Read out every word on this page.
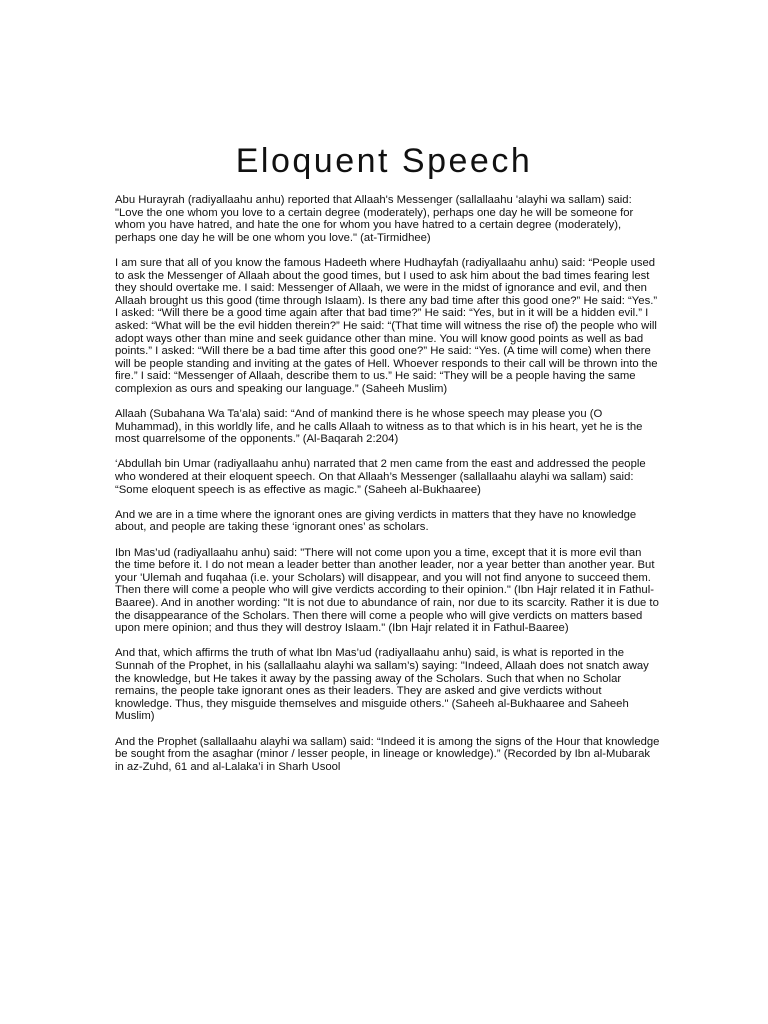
Eloquent Speech

Abu Hurayrah (radiyallaahu anhu) reported that Allaah's Messenger (sallallaahu 'alayhi wa sallam) said: "Love the one whom you love to a certain degree (moderately), perhaps one day he will be someone for whom you have hatred, and hate the one for whom you have hatred to a certain degree (moderately), perhaps one day he will be one whom you love." (at-Tirmidhee)

I am sure that all of you know the famous Hadeeth where Hudhayfah (radiyallaahu anhu) said: “People used to ask the Messenger of Allaah about the good times, but I used to ask him about the bad times fearing lest they should overtake me. I said: Messenger of Allaah, we were in the midst of ignorance and evil, and then Allaah brought us this good (time through Islaam). Is there any bad time after this good one?” He said: “Yes.” I asked: “Will there be a good time again after that bad time?” He said: “Yes, but in it will be a hidden evil.” I asked: “What will be the evil hidden therein?” He said: “(That time will witness the rise of) the people who will adopt ways other than mine and seek guidance other than mine. You will know good points as well as bad points.” I asked: “Will there be a bad time after this good one?” He said: “Yes. (A time will come) when there will be people standing and inviting at the gates of Hell. Whoever responds to their call will be thrown into the fire.” I said: “Messenger of Allaah, describe them to us.” He said: “They will be a people having the same complexion as ours and speaking our language.” (Saheeh Muslim)

Allaah (Subahana Wa Ta’ala) said: “And of mankind there is he whose speech may please you (O Muhammad), in this worldly life, and he calls Allaah to witness as to that which is in his heart, yet he is the most quarrelsome of the opponents.” (Al-Baqarah 2:204)

‘Abdullah bin Umar (radiyallaahu anhu) narrated that 2 men came from the east and addressed the people who wondered at their eloquent speech. On that Allaah’s Messenger (sallallaahu alayhi wa sallam) said: “Some eloquent speech is as effective as magic.” (Saheeh al-Bukhaaree)

And we are in a time where the ignorant ones are giving verdicts in matters that they have no knowledge about, and people are taking these ‘ignorant ones’ as scholars.

Ibn Mas’ud (radiyallaahu anhu) said: "There will not come upon you a time, except that it is more evil than the time before it. I do not mean a leader better than another leader, nor a year better than another year. But your 'Ulemah and fuqahaa (i.e. your Scholars) will disappear, and you will not find anyone to succeed them. Then there will come a people who will give verdicts according to their opinion." (Ibn Hajr related it in Fathul-Baaree). And in another wording: "It is not due to abundance of rain, nor due to its scarcity. Rather it is due to the disappearance of the Scholars. Then there will come a people who will give verdicts on matters based upon mere opinion; and thus they will destroy Islaam." (Ibn Hajr related it in Fathul-Baaree)

And that, which affirms the truth of what Ibn Mas’ud (radiyallaahu anhu) said, is what is reported in the Sunnah of the Prophet, in his (sallallaahu alayhi wa sallam’s) saying: "Indeed, Allaah does not snatch away the knowledge, but He takes it away by the passing away of the Scholars. Such that when no Scholar remains, the people take ignorant ones as their leaders. They are asked and give verdicts without knowledge. Thus, they misguide themselves and misguide others." (Saheeh al-Bukhaaree and Saheeh Muslim)

And the Prophet (sallallaahu alayhi wa sallam) said: “Indeed it is among the signs of the Hour that knowledge be sought from the asaghar (minor / lesser people, in lineage or knowledge).” (Recorded by Ibn al-Mubarak in az-Zuhd, 61 and al-Lalaka’i in Sharh Usool
